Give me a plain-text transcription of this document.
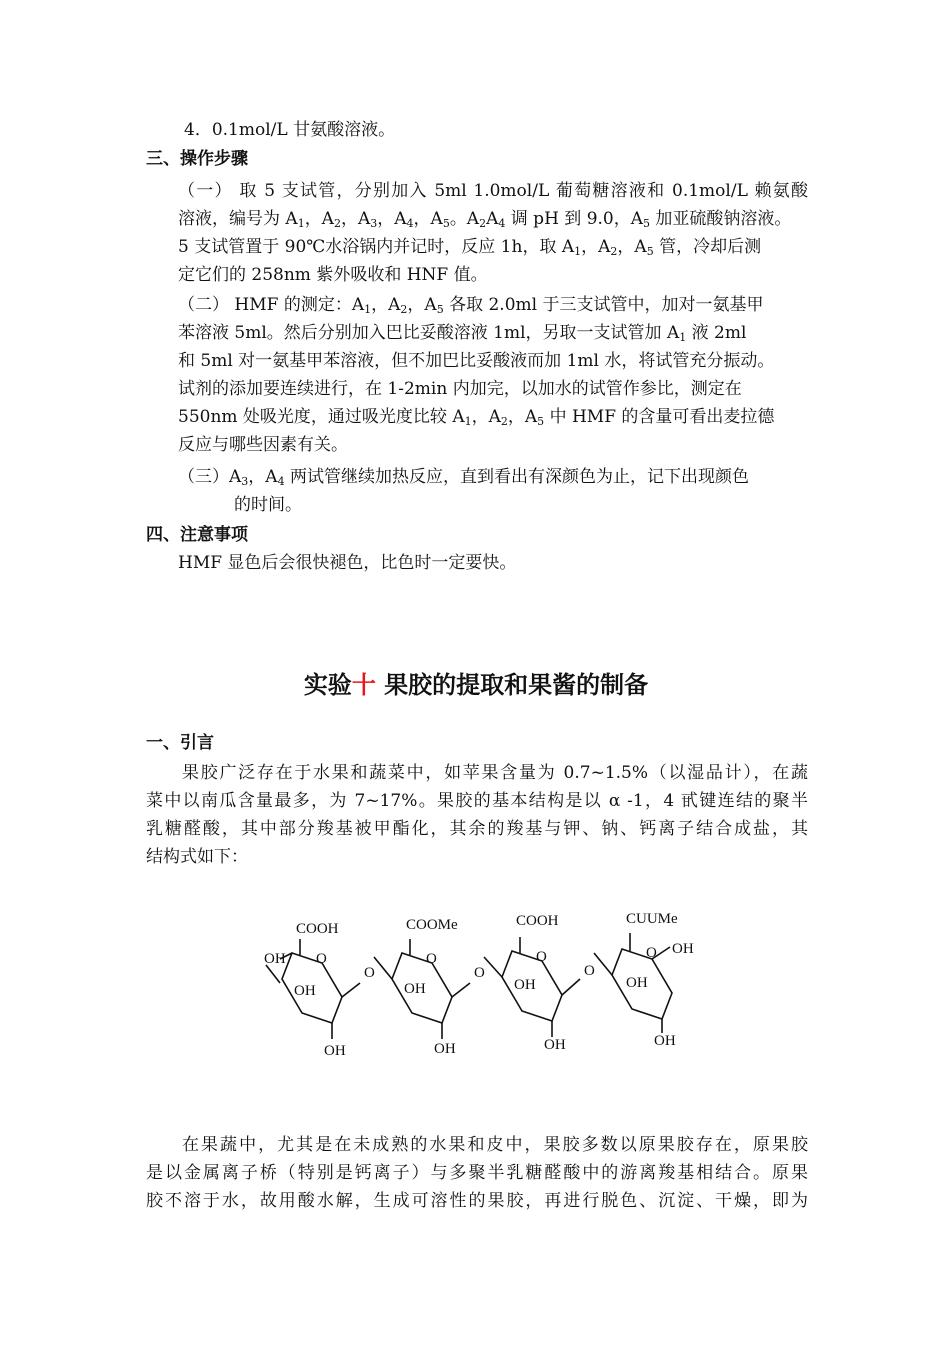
4．0.1mol/L 甘氨酸溶液。
三、操作步骤
（一） 取 5 支试管，分别加入 5ml 1.0mol/L 葡萄糖溶液和 0.1mol/L 赖氨酸
溶液，编号为 $A_1$，$A_2$，$A_3$，$A_4$，$A_5$。$A_2A_4$ 调 pH 到 9.0，$A_5$ 加亚硫酸钠溶液。
5 支试管置于 90℃水浴锅内并记时，反应 1h，取 $A_1$，$A_2$，$A_5$ 管，冷却后测
定它们的 258nm 紫外吸收和 HNF 值。
（二） HMF 的测定：$A_1$，$A_2$，$A_5$ 各取 2.0ml 于三支试管中，加对一氨基甲
苯溶液 5ml。然后分别加入巴比妥酸溶液 1ml，另取一支试管加 $A_1$ 液 2ml
和 5ml 对一氨基甲苯溶液，但不加巴比妥酸液而加 1ml 水，将试管充分振动。
试剂的添加要连续进行，在 1-2min 内加完，以加水的试管作参比，测定在
550nm 处吸光度，通过吸光度比较 $A_1$，$A_2$，$A_5$ 中 HMF 的含量可看出麦拉德
反应与哪些因素有关。
（三）$A_3$，$A_4$ 两试管继续加热反应，直到看出有深颜色为止，记下出现颜色
的时间。
四、注意事项
HMF 显色后会很快褪色，比色时一定要快。
实验十 果胶的提取和果酱的制备
一、引言
果胶广泛存在于水果和蔬菜中，如苹果含量为 0.7~1.5%（以湿品计），在蔬
菜中以南瓜含量最多，为 7~17%。果胶的基本结构是以 α -1，4 甙键连结的聚半
乳糖醛酸，其中部分羧基被甲酯化，其余的羧基与钾、钠、钙离子结合成盐，其
结构式如下：
COOH	COOMe	COOH	CUUMe
OH O	O	O	O OH
O	O	O
OH	OH	OH	OH
OH	OH	OH	OH
在果蔬中，尤其是在未成熟的水果和皮中，果胶多数以原果胶存在，原果胶
是以金属离子桥（特别是钙离子）与多聚半乳糖醛酸中的游离羧基相结合。原果
胶不溶于水，故用酸水解，生成可溶性的果胶，再进行脱色、沉淀、干燥，即为
